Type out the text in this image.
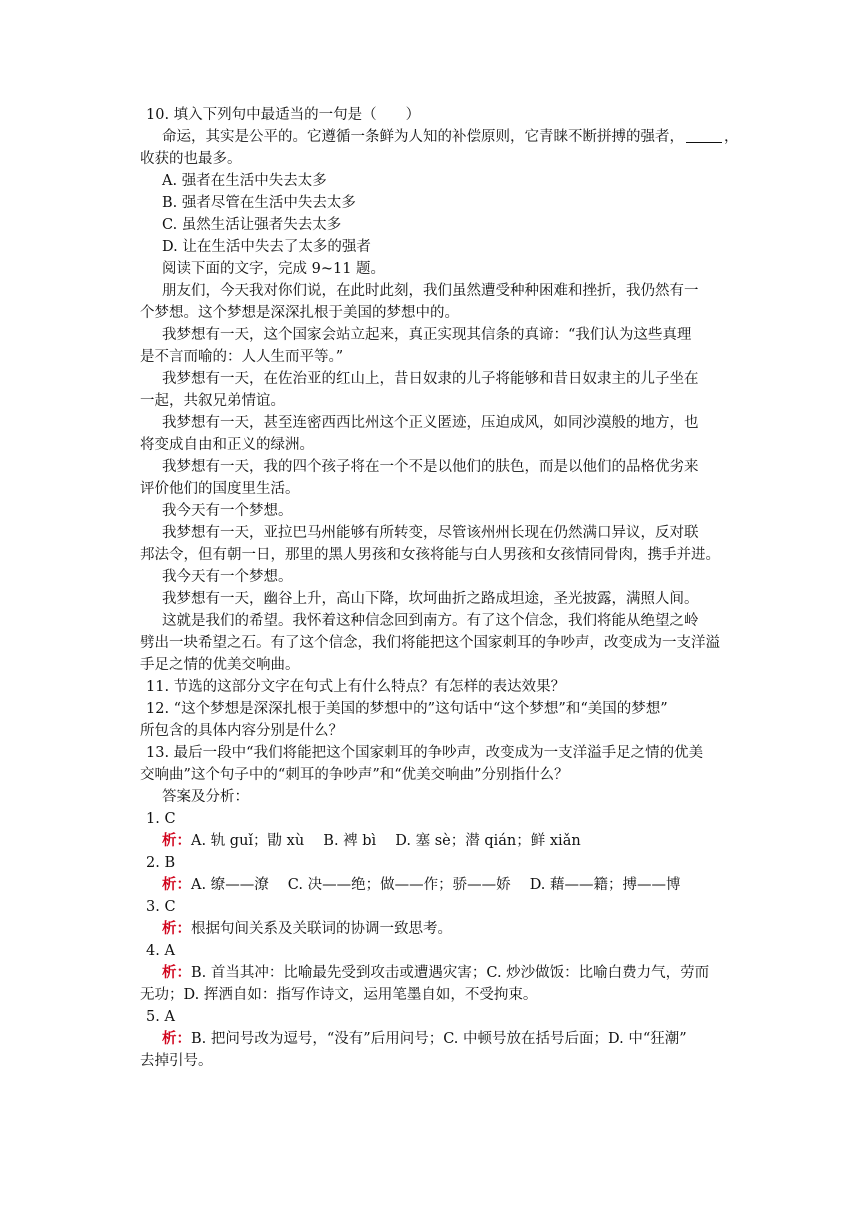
10. 填入下列句中最适当的一句是（　　）
命运，其实是公平的。它遵循一条鲜为人知的补偿原则，它青睐不断拼搏的强者，	，
收获的也最多。
A. 强者在生活中失去太多
B. 强者尽管在生活中失去太多
C. 虽然生活让强者失去太多
D. 让在生活中失去了太多的强者
阅读下面的文字，完成 9~11 题。
朋友们，今天我对你们说，在此时此刻，我们虽然遭受种种困难和挫折，我仍然有一
个梦想。这个梦想是深深扎根于美国的梦想中的。
我梦想有一天，这个国家会站立起来，真正实现其信条的真谛：“我们认为这些真理
是不言而喻的：人人生而平等。”
我梦想有一天，在佐治亚的红山上，昔日奴隶的儿子将能够和昔日奴隶主的儿子坐在
一起，共叙兄弟情谊。
我梦想有一天，甚至连密西西比州这个正义匿迹，压迫成风，如同沙漠般的地方，也
将变成自由和正义的绿洲。
我梦想有一天，我的四个孩子将在一个不是以他们的肤色，而是以他们的品格优劣来
评价他们的国度里生活。
我今天有一个梦想。
我梦想有一天，亚拉巴马州能够有所转变，尽管该州州长现在仍然满口异议，反对联
邦法令，但有朝一日，那里的黑人男孩和女孩将能与白人男孩和女孩情同骨肉，携手并进。
我今天有一个梦想。
我梦想有一天，幽谷上升，高山下降，坎坷曲折之路成坦途，圣光披露，满照人间。
这就是我们的希望。我怀着这种信念回到南方。有了这个信念，我们将能从绝望之岭
劈出一块希望之石。有了这个信念，我们将能把这个国家刺耳的争吵声，改变成为一支洋溢
手足之情的优美交响曲。
11. 节选的这部分文字在句式上有什么特点？有怎样的表达效果？
12. “这个梦想是深深扎根于美国的梦想中的”这句话中“这个梦想”和“美国的梦想”
所包含的具体内容分别是什么？
13. 最后一段中“我们将能把这个国家刺耳的争吵声，改变成为一支洋溢手足之情的优美
交响曲”这个句子中的“刺耳的争吵声”和“优美交响曲”分别指什么？
答案及分析：
1. C
析：A. 轨 guǐ；勖 xù　 B. 裨 bì　 D. 塞 sè；潜 qián；鲜 xiǎn
2. B
析：A. 缭——潦　 C. 决——绝；做——作；骄——娇　 D. 藉——籍；搏——博
3. C
析：根据句间关系及关联词的协调一致思考。
4. A
析：B. 首当其冲：比喻最先受到攻击或遭遇灾害；C. 炒沙做饭：比喻白费力气，劳而
无功；D. 挥洒自如：指写作诗文，运用笔墨自如，不受拘束。
5. A
析：B. 把问号改为逗号，“没有”后用问号；C. 中顿号放在括号后面；D. 中“狂潮”
去掉引号。
